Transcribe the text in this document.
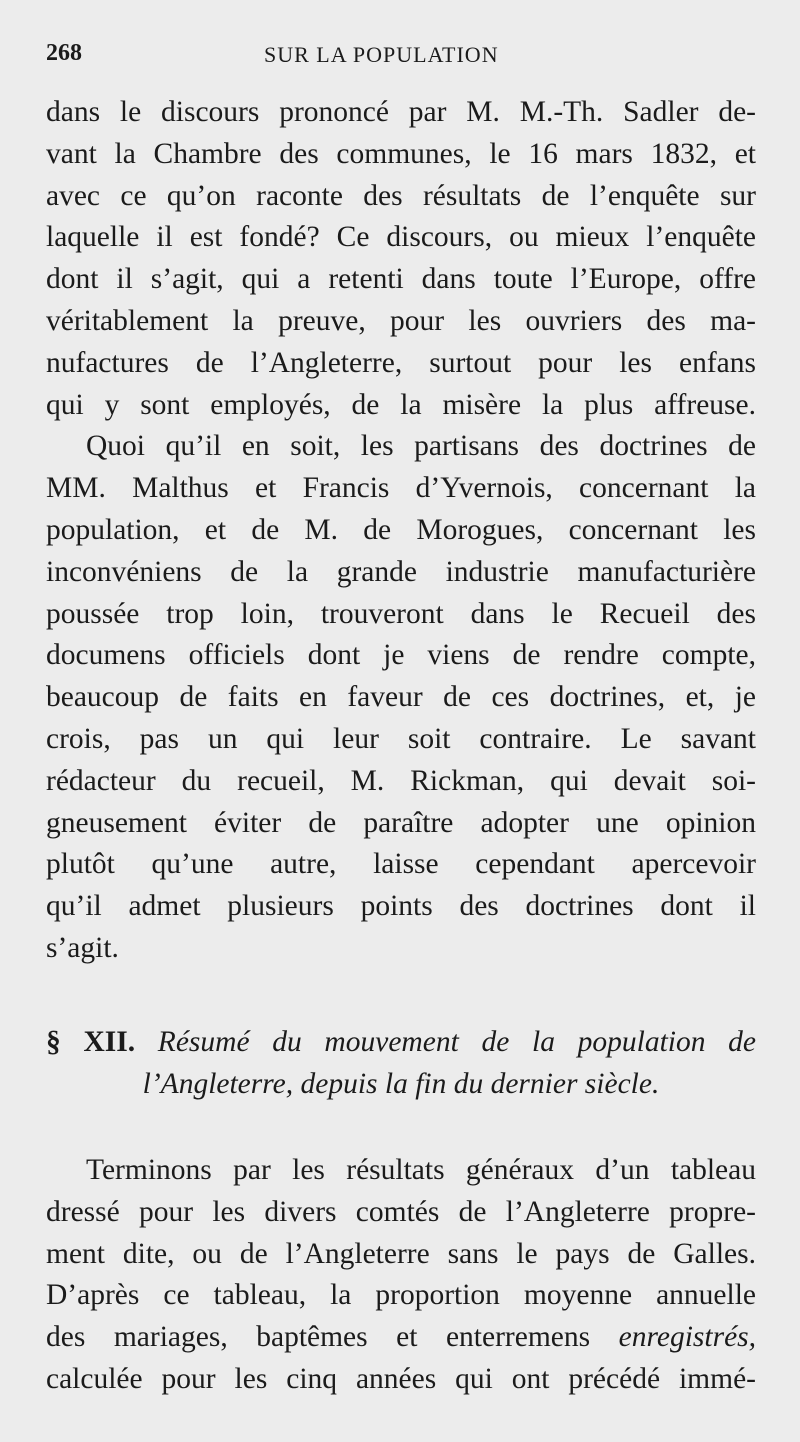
268	SUR LA POPULATION
dans le discours prononcé par M. M.-Th. Sadler de-
vant la Chambre des communes, le 16 mars 1832, et
avec ce qu’on raconte des résultats de l’enquête sur
laquelle il est fondé? Ce discours, ou mieux l’enquête
dont il s’agit, qui a retenti dans toute l’Europe, offre
véritablement la preuve, pour les ouvriers des ma-
nufactures de l’Angleterre, surtout pour les enfans
qui y sont employés, de la misère la plus affreuse.
Quoi qu’il en soit, les partisans des doctrines de
MM. Malthus et Francis d’Yvernois, concernant la
population, et de M. de Morogues, concernant les
inconvéniens de la grande industrie manufacturière
poussée trop loin, trouveront dans le Recueil des
documens officiels dont je viens de rendre compte,
beaucoup de faits en faveur de ces doctrines, et, je
crois, pas un qui leur soit contraire. Le savant
rédacteur du recueil, M. Rickman, qui devait soi-
gneusement éviter de paraître adopter une opinion
plutôt qu’une autre, laisse cependant apercevoir
qu’il admet plusieurs points des doctrines dont il
s’agit.
§ XII. Résumé du mouvement de la population de
l’Angleterre, depuis la fin du dernier siècle.
Terminons par les résultats généraux d’un tableau
dressé pour les divers comtés de l’Angleterre propre-
ment dite, ou de l’Angleterre sans le pays de Galles.
D’après ce tableau, la proportion moyenne annuelle
des mariages, baptêmes et enterremens enregistrés,
calculée pour les cinq années qui ont précédé immé-
